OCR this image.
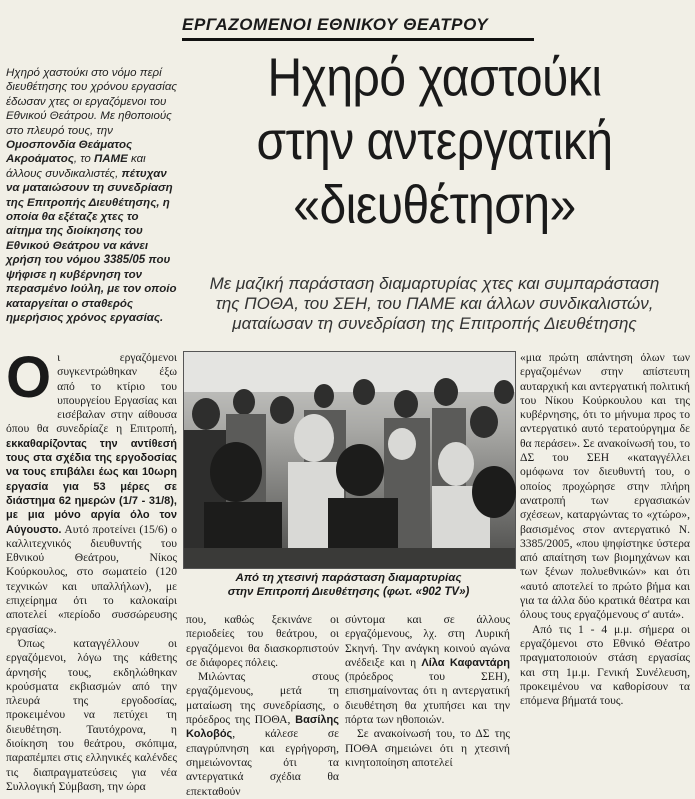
ΕΡΓΑΖΟΜΕΝΟΙ ΕΘΝΙΚΟΥ ΘΕΑΤΡΟΥ
Ηχηρό χαστούκι
στην αντεργατική
«διευθέτηση»
Με μαζική παράσταση διαμαρτυρίας χτες και συμπαράσταση
της ΠΟΘΑ, του ΣΕΗ, του ΠΑΜΕ και άλλων συνδικαλιστών,
ματαίωσαν τη συνεδρίαση της Επιτροπής Διευθέτησης

Ηχηρό χαστούκι στο νόμο περί διευθέτησης του χρόνου εργασίας έδωσαν χτες οι εργαζόμενοι του Εθνικού Θεάτρου. Με ηθοποιούς στο πλευρό τους, την Ομοσπονδία Θεάματος Ακροάματος, το ΠΑΜΕ και άλλους συνδικαλιστές, πέτυχαν να ματαιώσουν τη συνεδρίαση της Επιτροπής Διευθέτησης, η οποία θα εξέταζε χτες το αίτημα της διοίκησης του Εθνικού Θεάτρου να κάνει χρήση του νόμου 3385/05 που ψήφισε η κυβέρνηση τον περασμένο Ιούλη, με τον οποίο καταργείται ο σταθερός ημερήσιος χρόνος εργασίας.

Οι εργαζόμενοι συγκεντρώθηκαν έξω από το κτίριο του υπουργείου Εργασίας και εισέβαλαν στην αίθουσα όπου θα συνεδρίαζε η Επιτροπή, εκκαθαρίζοντας την αντίθεσή τους στα σχέδια της εργοδοσίας να τους επιβάλει έως και 10ωρη εργασία για 53 μέρες σε διάστημα 62 ημερών (1/7 - 31/8), με μια μόνο αργία όλο τον Αύγουστο. Αυτό προτείνει (15/6) ο καλλιτεχνικός διευθυντής του Εθνικού Θεάτρου, Νίκος Κούρκουλος, στο σωματείο (120 τεχνικών και υπαλλήλων), με επιχείρημα ότι το καλοκαίρι αποτελεί «περίοδο συσσώρευσης εργασίας».

Όπως καταγγέλλουν οι εργαζόμενοι, λόγω της κάθετης άρνησής τους, εκδηλώθηκαν κρούσματα εκβιασμών από την πλευρά της εργοδοσίας, προκειμένου να πετύχει τη διευθέτηση. Ταυτόχρονα, η διοίκηση του θεάτρου, σκόπιμα, παραπέμπει στις ελληνικές καλένδες τις διαπραγματεύσεις για νέα Συλλογική Σύμβαση, την ώρα

Από τη χτεσινή παράσταση διαμαρτυρίας
στην Επιτροπή Διευθέτησης (φωτ. «902 TV»)

που, καθώς ξεκινάνε οι περιοδείες του θεάτρου, οι εργαζόμενοι θα διασκορπιστούν σε διάφορες πόλεις.

Μιλώντας στους εργαζόμενους, μετά τη ματαίωση της συνεδρίασης, ο πρόεδρος της ΠΟΘΑ, Βασίλης Κολοβός, κάλεσε σε επαγρύπνηση και εγρήγορση, σημειώνοντας ότι τα αντεργατικά σχέδια θα επεκταθούν

σύντομα και σε άλλους εργαζόμενους, λχ. στη Λυρική Σκηνή. Την ανάγκη κοινού αγώνα ανέδειξε και η Λίλα Καφαντάρη (πρόεδρος του ΣΕΗ), επισημαίνοντας ότι η αντεργατική διευθέτηση θα χτυπήσει και την πόρτα των ηθοποιών.

Σε ανακοίνωσή του, το ΔΣ της ΠΟΘΑ σημειώνει ότι η χτεσινή κινητοποίηση αποτελεί

«μια πρώτη απάντηση όλων των εργαζομένων στην απίστευτη αυταρχική και αντεργατική πολιτική του Νίκου Κούρκουλου και της κυβέρνησης, ότι το μήνυμα προς το αντεργατικό αυτό τερατούργημα δε θα περάσει». Σε ανακοίνωσή του, το ΔΣ του ΣΕΗ «καταγγέλλει ομόφωνα τον διευθυντή του, ο οποίος προχώρησε στην πλήρη ανατροπή των εργασιακών σχέσεων, καταργώντας το «χτώρο», βασισμένος στον αντεργατικό Ν. 3385/2005, «που ψηφίστηκε ύστερα από απαίτηση των βιομηχάνων και των ξένων πολυεθνικών» και ότι «αυτό αποτελεί το πρώτο βήμα και για τα άλλα δύο κρατικά θέατρα και όλους τους εργαζόμενους σ' αυτά».

Από τις 1 - 4 μ.μ. σήμερα οι εργαζόμενοι στο Εθνικό Θέατρο πραγματοποιούν στάση εργασίας και στη 1μ.μ. Γενική Συνέλευση, προκειμένου να καθορίσουν τα επόμενα βήματά τους.
